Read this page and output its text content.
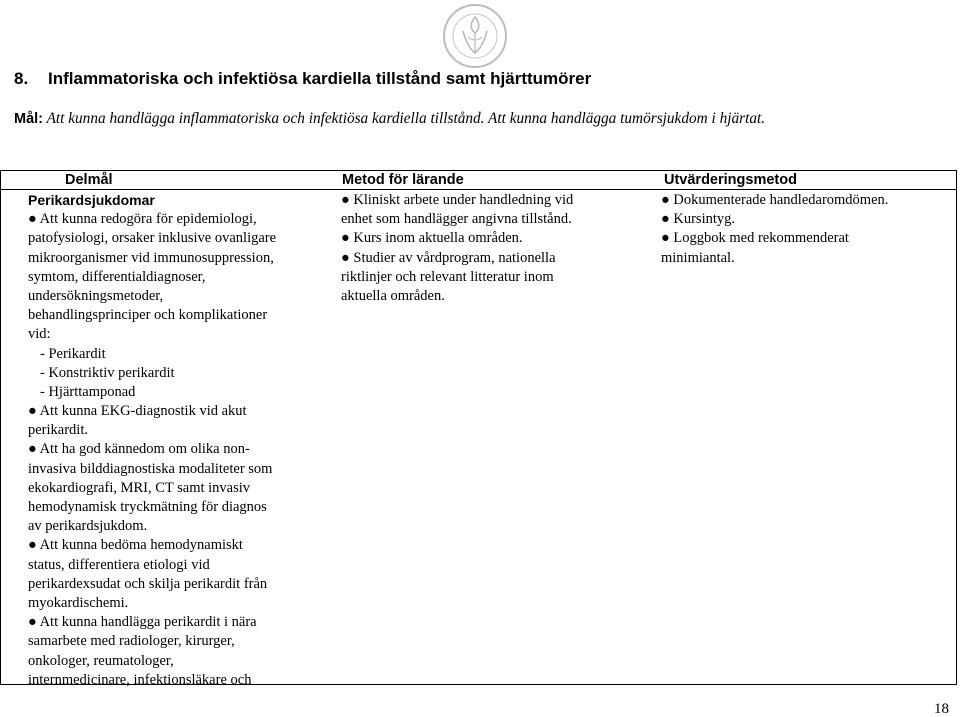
8. Inflammatoriska och infektiösa kardiella tillstånd samt hjärttumörer

Mål: Att kunna handlägga inflammatoriska och infektiösa kardiella tillstånd. Att kunna handlägga tumörsjukdom i hjärtat.

Delmål	Metod för lärande	Utvärderingsmetod
Perikardsjukdomar
● Att kunna redogöra för epidemiologi,
patofysiologi, orsaker inklusive ovanligare
mikroorganismer vid immunosuppression,
symtom, differentialdiagnoser,
undersökningsmetoder,
behandlingsprinciper och komplikationer
vid:
- Perikardit
- Konstriktiv perikardit
- Hjärttamponad
● Att kunna EKG-diagnostik vid akut
perikardit.
● Att ha god kännedom om olika non-
invasiva bilddiagnostiska modaliteter som
ekokardiografi, MRI, CT samt invasiv
hemodynamisk tryckmätning för diagnos
av perikardsjukdom.
● Att kunna bedöma hemodynamiskt
status, differentiera etiologi vid
perikardexsudat och skilja perikardit från
myokardischemi.
● Att kunna handlägga perikardit i nära
samarbete med radiologer, kirurger,
onkologer, reumatologer,
internmedicinare, infektionsläkare och
● Kliniskt arbete under handledning vid
enhet som handlägger angivna tillstånd.
● Kurs inom aktuella områden.
● Studier av vårdprogram, nationella
riktlinjer och relevant litteratur inom
aktuella områden.
● Dokumenterade handledaromdömen.
● Kursintyg.
● Loggbok med rekommenderat
minimiantal.
18
